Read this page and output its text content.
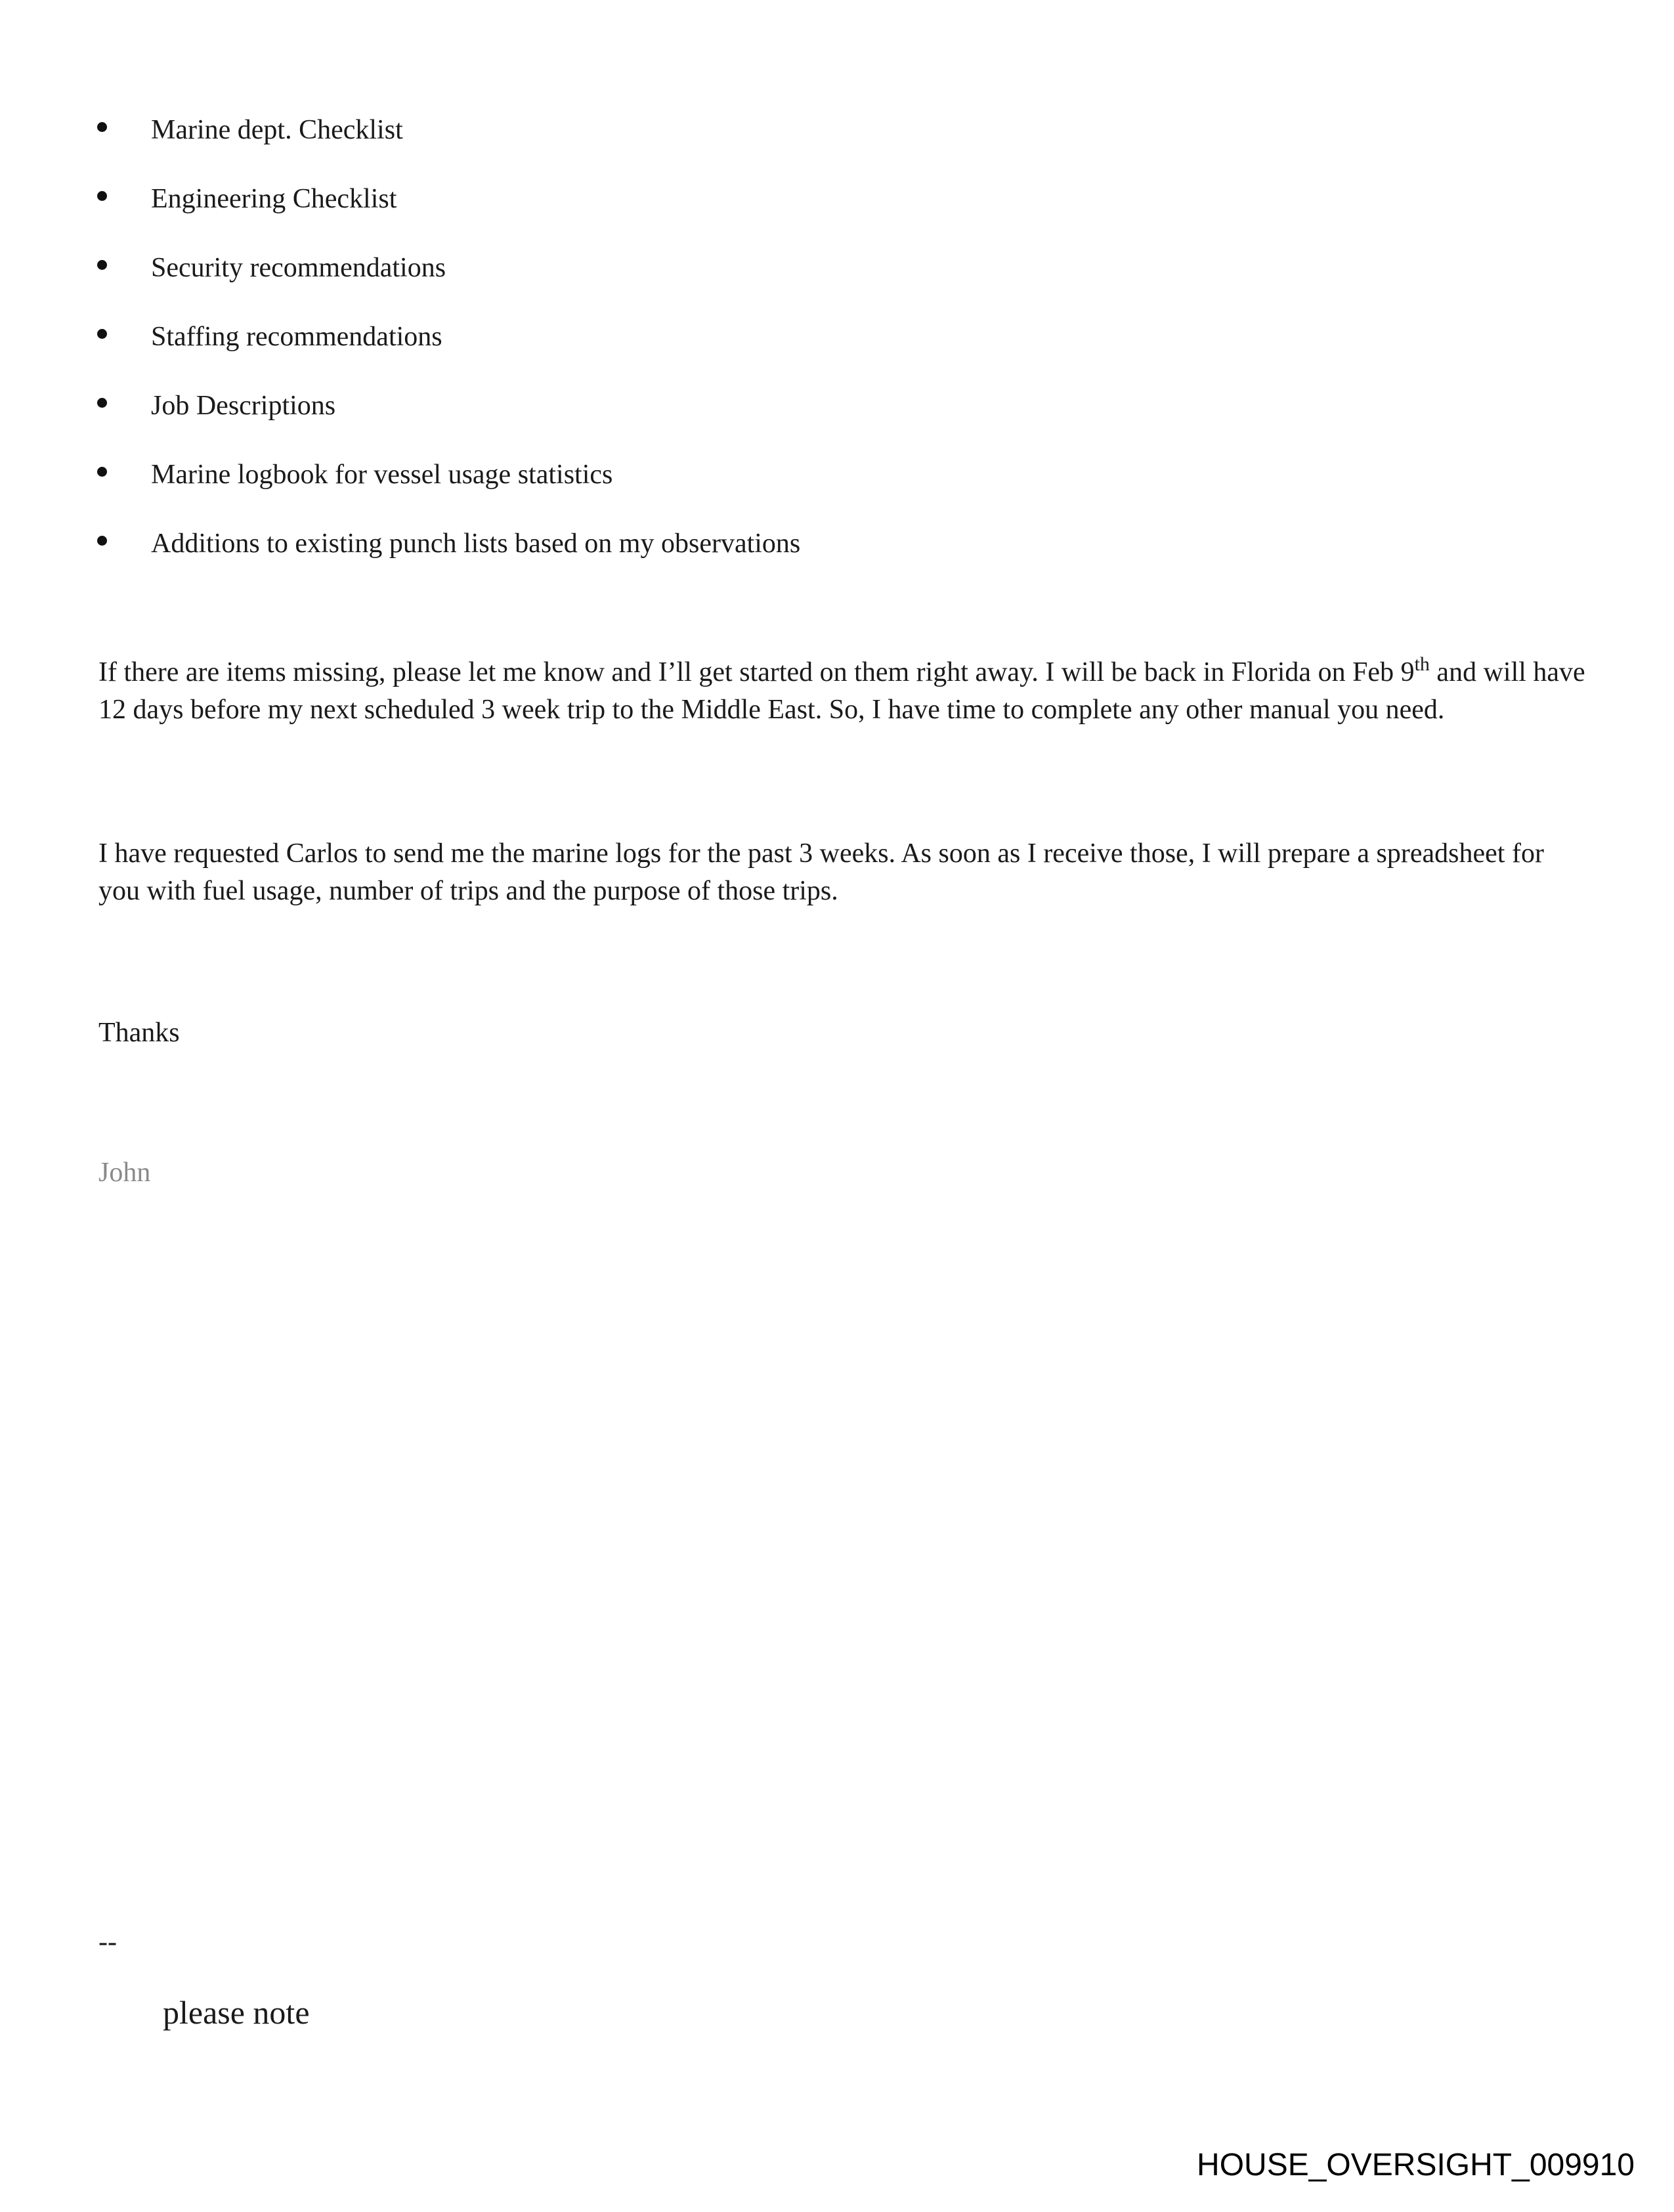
Marine dept. Checklist
Engineering Checklist
Security recommendations
Staffing recommendations
Job Descriptions
Marine logbook for vessel usage statistics
Additions to existing punch lists based on my observations

If there are items missing, please let me know and I’ll get started on them right away. I will be back in Florida on Feb 9th and will have 12 days before my next scheduled 3 week trip to the Middle East. So, I have time to complete any other manual you need.

I have requested Carlos to send me the marine logs for the past 3 weeks. As soon as I receive those, I will prepare a spreadsheet for you with fuel usage, number of trips and the purpose of those trips.

Thanks
John
--
please note
HOUSE_OVERSIGHT_009910
